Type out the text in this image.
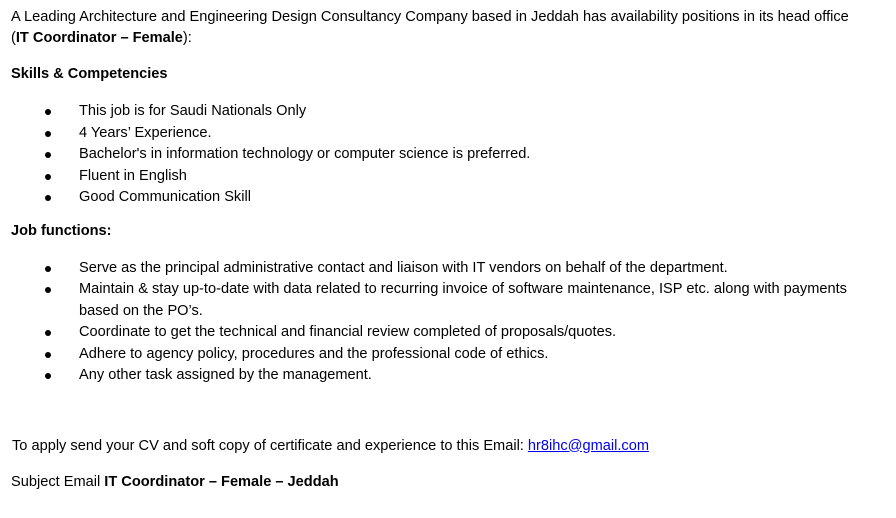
A Leading Architecture and Engineering Design Consultancy Company based in Jeddah has availability positions in its head office
(IT Coordinator – Female):
Skills & Competencies
This job is for Saudi Nationals Only
4 Years’ Experience.
Bachelor's in information technology or computer science is preferred.
Fluent in English
Good Communication Skill
Job functions:
Serve as the principal administrative contact and liaison with IT vendors on behalf of the department.
Maintain & stay up-to-date with data related to recurring invoice of software maintenance, ISP etc. along with payments based on the PO’s.
Coordinate to get the technical and financial review completed of proposals/quotes.
Adhere to agency policy, procedures and the professional code of ethics.
Any other task assigned by the management.
To apply send your CV and soft copy of certificate and experience to this Email: hr8ihc@gmail.com
Subject Email IT Coordinator – Female – Jeddah
